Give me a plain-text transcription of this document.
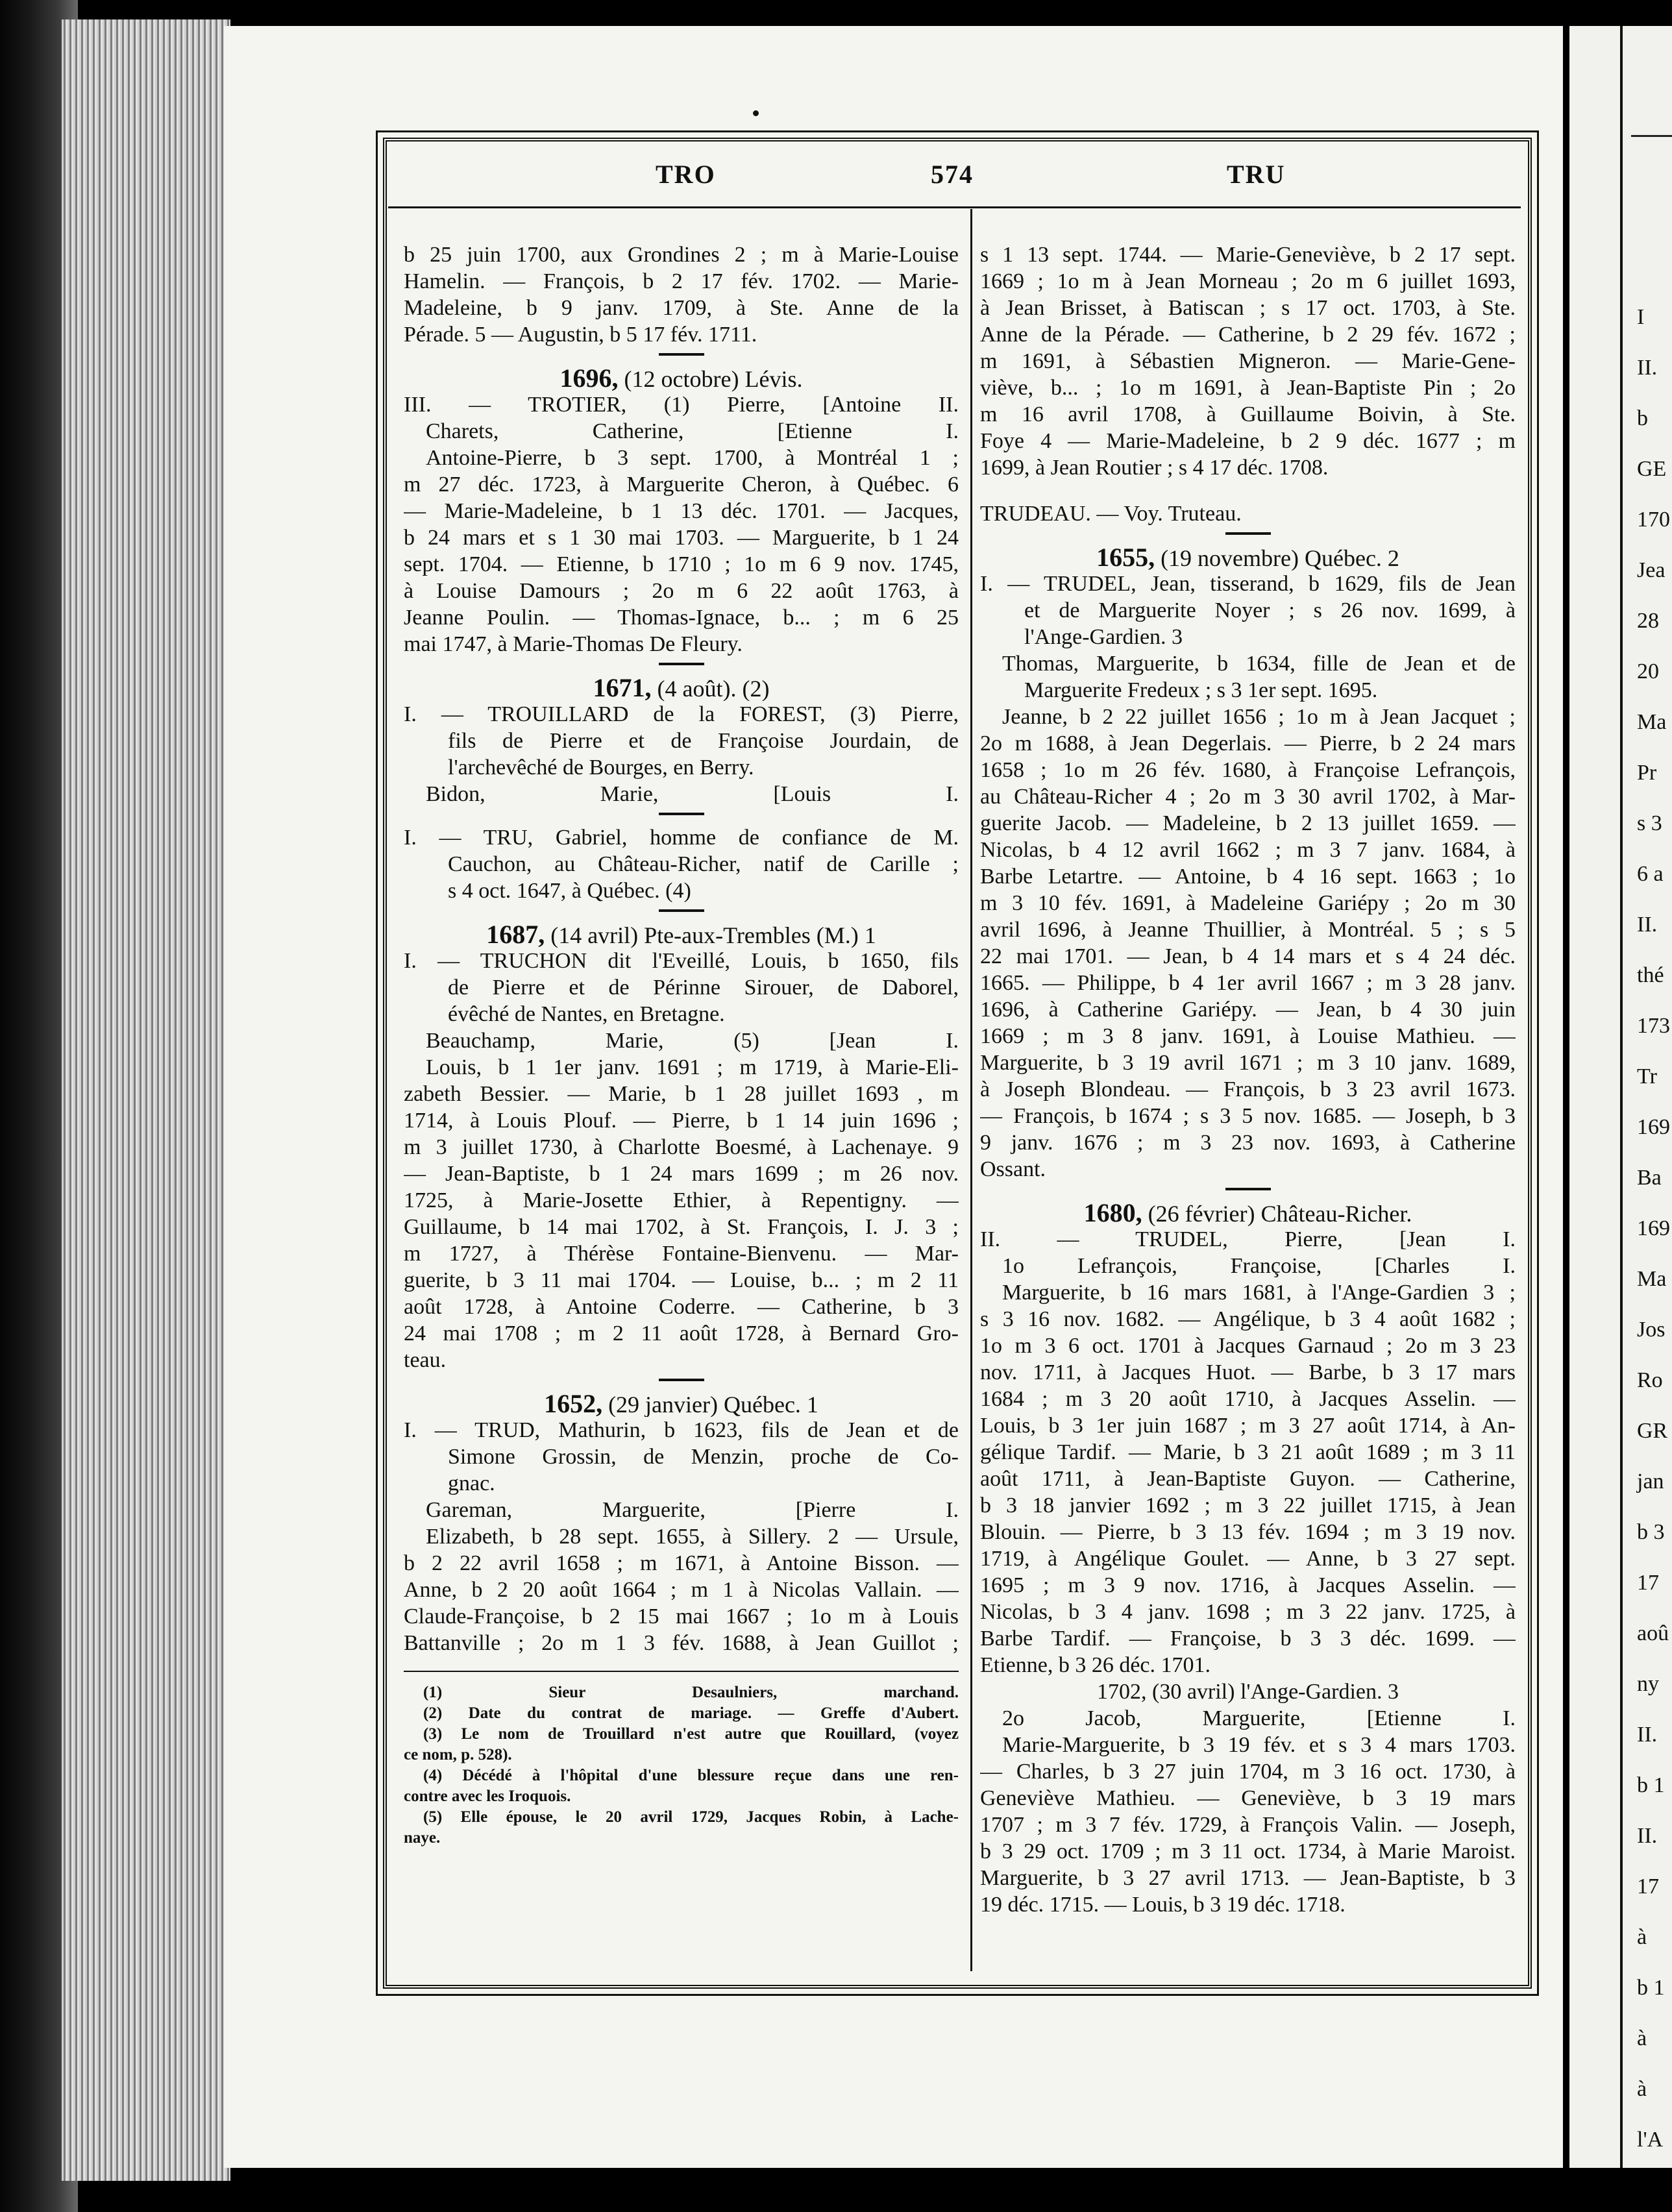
I
II.
b
GE
170
Jea
28
20
Ma
Pr
s 3
6 a
II.
thé
173
Tr
169
Ba
169
Ma
Jos
Ro
GR
jan
b 3
17
aoû
ny
II.
b 1
II.
17
à
b 1
à
à
l'A
TRO	574	TRU
b 25 juin 1700, aux Grondines 2 ; m à Marie-Louise
Hamelin. — François, b 2 17 fév. 1702. — Marie-
Madeleine, b 9 janv. 1709, à Ste. Anne de la
Pérade. 5 — Augustin, b 5 17 fév. 1711.
1696, (12 octobre) Lévis.
III. — TROTIER, (1) Pierre, [Antoine II.
Charets, Catherine, [Etienne I.
Antoine-Pierre, b 3 sept. 1700, à Montréal 1 ;
m 27 déc. 1723, à Marguerite Cheron, à Québec. 6
— Marie-Madeleine, b 1 13 déc. 1701. — Jacques,
b 24 mars et s 1 30 mai 1703. — Marguerite, b 1 24
sept. 1704. — Etienne, b 1710 ; 1o m 6 9 nov. 1745,
à Louise Damours ; 2o m 6 22 août 1763, à
Jeanne Poulin. — Thomas-Ignace, b... ; m 6 25
mai 1747, à Marie-Thomas De Fleury.
1671, (4 août). (2)
I. — TROUILLARD de la FOREST, (3) Pierre,
fils de Pierre et de Françoise Jourdain, de
l'archevêché de Bourges, en Berry.
Bidon, Marie, [Louis I.
I. — TRU, Gabriel, homme de confiance de M.
Cauchon, au Château-Richer, natif de Carille ;
s 4 oct. 1647, à Québec. (4)
1687, (14 avril) Pte-aux-Trembles (M.) 1
I. — TRUCHON dit l'Eveillé, Louis, b 1650, fils
de Pierre et de Périnne Sirouer, de Daborel,
évêché de Nantes, en Bretagne.
Beauchamp, Marie, (5) [Jean I.
Louis, b 1 1er janv. 1691 ; m 1719, à Marie-Eli-
zabeth Bessier. — Marie, b 1 28 juillet 1693 , m
1714, à Louis Plouf. — Pierre, b 1 14 juin 1696 ;
m 3 juillet 1730, à Charlotte Boesmé, à Lachenaye. 9
— Jean-Baptiste, b 1 24 mars 1699 ; m 26 nov.
1725, à Marie-Josette Ethier, à Repentigny. —
Guillaume, b 14 mai 1702, à St. François, I. J. 3 ;
m 1727, à Thérèse Fontaine-Bienvenu. — Mar-
guerite, b 3 11 mai 1704. — Louise, b... ; m 2 11
août 1728, à Antoine Coderre. — Catherine, b 3
24 mai 1708 ; m 2 11 août 1728, à Bernard Gro-
teau.
1652, (29 janvier) Québec. 1
I. — TRUD, Mathurin, b 1623, fils de Jean et de
Simone Grossin, de Menzin, proche de Co-
gnac.
Gareman, Marguerite, [Pierre I.
Elizabeth, b 28 sept. 1655, à Sillery. 2 — Ursule,
b 2 22 avril 1658 ; m 1671, à Antoine Bisson. —
Anne, b 2 20 août 1664 ; m 1 à Nicolas Vallain. —
Claude-Françoise, b 2 15 mai 1667 ; 1o m à Louis
Battanville ; 2o m 1 3 fév. 1688, à Jean Guillot ;
(1) Sieur Desaulniers, marchand.
(2) Date du contrat de mariage. — Greffe d'Aubert.
(3) Le nom de Trouillard n'est autre que Rouillard, (voyez
ce nom, p. 528).
(4) Décédé à l'hôpital d'une blessure reçue dans une ren-
contre avec les Iroquois.
(5) Elle épouse, le 20 avril 1729, Jacques Robin, à Lache-
naye.
s 1 13 sept. 1744. — Marie-Geneviève, b 2 17 sept.
1669 ; 1o m à Jean Morneau ; 2o m 6 juillet 1693,
à Jean Brisset, à Batiscan ; s 17 oct. 1703, à Ste.
Anne de la Pérade. — Catherine, b 2 29 fév. 1672 ;
m 1691, à Sébastien Migneron. — Marie-Gene-
viève, b... ; 1o m 1691, à Jean-Baptiste Pin ; 2o
m 16 avril 1708, à Guillaume Boivin, à Ste.
Foye 4 — Marie-Madeleine, b 2 9 déc. 1677 ; m
1699, à Jean Routier ; s 4 17 déc. 1708.
TRUDEAU. — Voy. Truteau.
1655, (19 novembre) Québec. 2
I. — TRUDEL, Jean, tisserand, b 1629, fils de Jean
et de Marguerite Noyer ; s 26 nov. 1699, à
l'Ange-Gardien. 3
Thomas, Marguerite, b 1634, fille de Jean et de
Marguerite Fredeux ; s 3 1er sept. 1695.
Jeanne, b 2 22 juillet 1656 ; 1o m à Jean Jacquet ;
2o m 1688, à Jean Degerlais. — Pierre, b 2 24 mars
1658 ; 1o m 26 fév. 1680, à Françoise Lefrançois,
au Château-Richer 4 ; 2o m 3 30 avril 1702, à Mar-
guerite Jacob. — Madeleine, b 2 13 juillet 1659. —
Nicolas, b 4 12 avril 1662 ; m 3 7 janv. 1684, à
Barbe Letartre. — Antoine, b 4 16 sept. 1663 ; 1o
m 3 10 fév. 1691, à Madeleine Gariépy ; 2o m 30
avril 1696, à Jeanne Thuillier, à Montréal. 5 ; s 5
22 mai 1701. — Jean, b 4 14 mars et s 4 24 déc.
1665. — Philippe, b 4 1er avril 1667 ; m 3 28 janv.
1696, à Catherine Gariépy. — Jean, b 4 30 juin
1669 ; m 3 8 janv. 1691, à Louise Mathieu. —
Marguerite, b 3 19 avril 1671 ; m 3 10 janv. 1689,
à Joseph Blondeau. — François, b 3 23 avril 1673.
— François, b 1674 ; s 3 5 nov. 1685. — Joseph, b 3
9 janv. 1676 ; m 3 23 nov. 1693, à Catherine
Ossant.
1680, (26 février) Château-Richer.
II. — TRUDEL, Pierre, [Jean I.
1o Lefrançois, Françoise, [Charles I.
Marguerite, b 16 mars 1681, à l'Ange-Gardien 3 ;
s 3 16 nov. 1682. — Angélique, b 3 4 août 1682 ;
1o m 3 6 oct. 1701 à Jacques Garnaud ; 2o m 3 23
nov. 1711, à Jacques Huot. — Barbe, b 3 17 mars
1684 ; m 3 20 août 1710, à Jacques Asselin. —
Louis, b 3 1er juin 1687 ; m 3 27 août 1714, à An-
gélique Tardif. — Marie, b 3 21 août 1689 ; m 3 11
août 1711, à Jean-Baptiste Guyon. — Catherine,
b 3 18 janvier 1692 ; m 3 22 juillet 1715, à Jean
Blouin. — Pierre, b 3 13 fév. 1694 ; m 3 19 nov.
1719, à Angélique Goulet. — Anne, b 3 27 sept.
1695 ; m 3 9 nov. 1716, à Jacques Asselin. —
Nicolas, b 3 4 janv. 1698 ; m 3 22 janv. 1725, à
Barbe Tardif. — Françoise, b 3 3 déc. 1699. —
Etienne, b 3 26 déc. 1701.
1702, (30 avril) l'Ange-Gardien. 3
2o Jacob, Marguerite, [Etienne I.
Marie-Marguerite, b 3 19 fév. et s 3 4 mars 1703.
— Charles, b 3 27 juin 1704, m 3 16 oct. 1730, à
Geneviève Mathieu. — Geneviève, b 3 19 mars
1707 ; m 3 7 fév. 1729, à François Valin. — Joseph,
b 3 29 oct. 1709 ; m 3 11 oct. 1734, à Marie Maroist.
Marguerite, b 3 27 avril 1713. — Jean-Baptiste, b 3
19 déc. 1715. — Louis, b 3 19 déc. 1718.
